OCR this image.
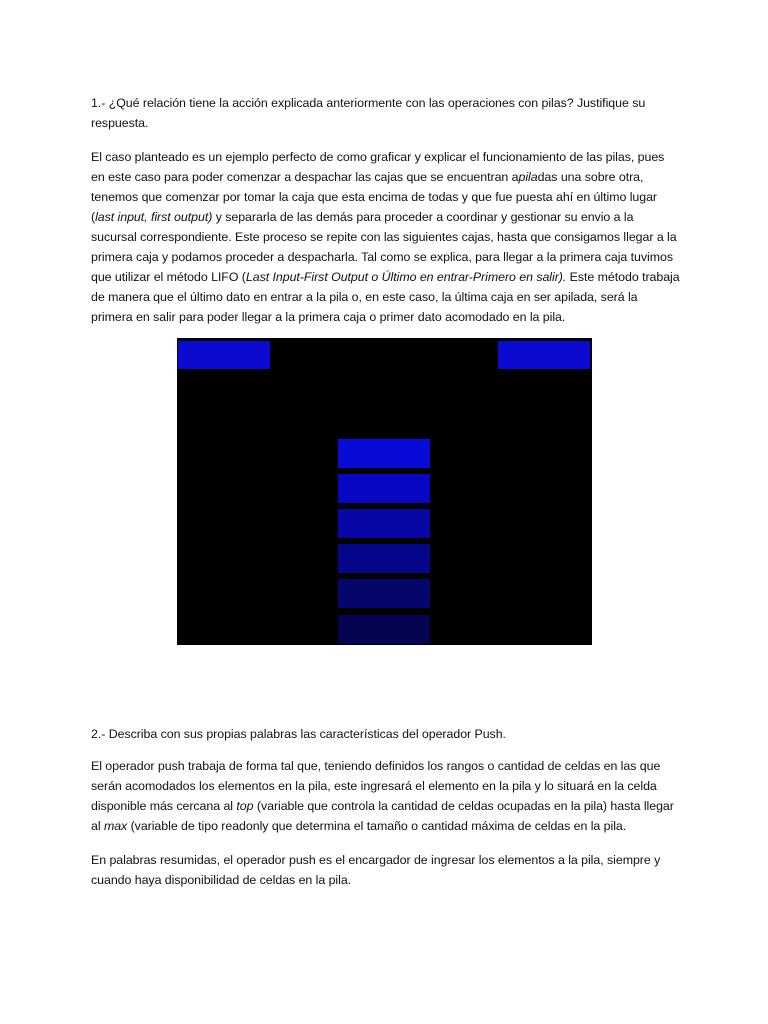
1.- ¿Qué relación tiene la acción explicada anteriormente con las operaciones con pilas? Justifique su respuesta.

El caso planteado es un ejemplo perfecto de como graficar y explicar el funcionamiento de las pilas, pues en este caso para poder comenzar a despachar las cajas que se encuentran apiladas una sobre otra, tenemos que comenzar por tomar la caja que esta encima de todas y que fue puesta ahí en último lugar (last input, first output) y separarla de las demás para proceder a coordinar y gestionar su envio a la sucursal correspondiente. Este proceso se repite con las siguientes cajas, hasta que consigamos llegar a la primera caja y podamos proceder a despacharla. Tal como se explica, para llegar a la primera caja tuvimos que utilizar el método LIFO (Last Input-First Output o Último en entrar-Primero en salir). Este método trabaja de manera que el último dato en entrar a la pila o, en este caso, la última caja en ser apilada, será la primera en salir para poder llegar a la primera caja o primer dato acomodado en la pila.

2.- Describa con sus propias palabras las características del operador Push.

El operador push trabaja de forma tal que, teniendo definidos los rangos o cantidad de celdas en las que serán acomodados los elementos en la pila, este ingresará el elemento en la pila y lo situará en la celda disponible más cercana al top (variable que controla la cantidad de celdas ocupadas en la pila) hasta llegar al max (variable de tipo readonly que determina el tamaño o cantidad máxima de celdas en la pila.

En palabras resumidas, el operador push es el encargador de ingresar los elementos a la pila, siempre y cuando haya disponibilidad de celdas en la pila.
